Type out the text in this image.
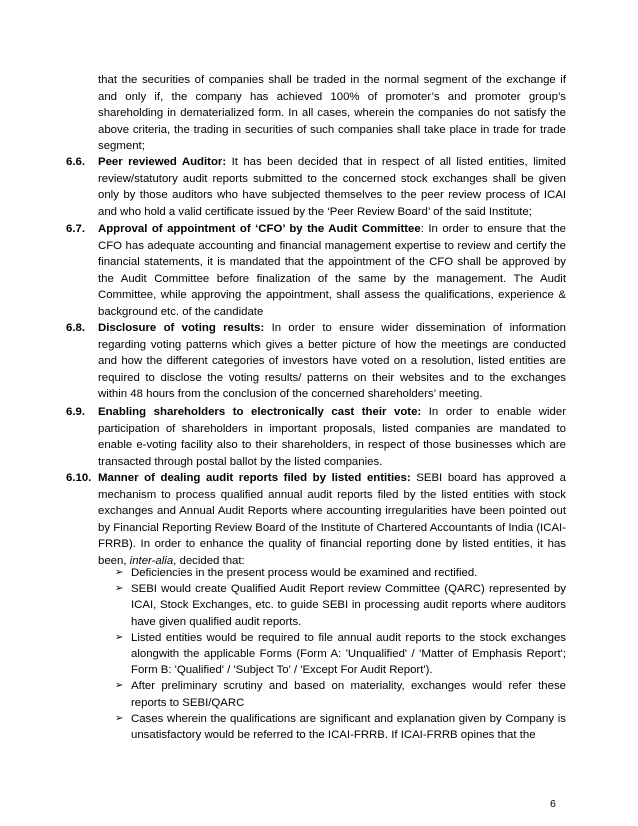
that the securities of companies shall be traded in the normal segment of the exchange if and only if, the company has achieved 100% of promoter’s and promoter group’s shareholding in dematerialized form. In all cases, wherein the companies do not satisfy the above criteria, the trading in securities of such companies shall take place in trade for trade segment;
6.6. Peer reviewed Auditor: It has been decided that in respect of all listed entities, limited review/statutory audit reports submitted to the concerned stock exchanges shall be given only by those auditors who have subjected themselves to the peer review process of ICAI and who hold a valid certificate issued by the ‘Peer Review Board’ of the said Institute;
6.7. Approval of appointment of ‘CFO’ by the Audit Committee: In order to ensure that the CFO has adequate accounting and financial management expertise to review and certify the financial statements, it is mandated that the appointment of the CFO shall be approved by the Audit Committee before finalization of the same by the management. The Audit Committee, while approving the appointment, shall assess the qualifications, experience & background etc. of the candidate
6.8. Disclosure of voting results: In order to ensure wider dissemination of information regarding voting patterns which gives a better picture of how the meetings are conducted and how the different categories of investors have voted on a resolution, listed entities are required to disclose the voting results/ patterns on their websites and to the exchanges within 48 hours from the conclusion of the concerned shareholders’ meeting.
6.9. Enabling shareholders to electronically cast their vote: In order to enable wider participation of shareholders in important proposals, listed companies are mandated to enable e-voting facility also to their shareholders, in respect of those businesses which are transacted through postal ballot by the listed companies.
6.10. Manner of dealing audit reports filed by listed entities: SEBI board has approved a mechanism to process qualified annual audit reports filed by the listed entities with stock exchanges and Annual Audit Reports where accounting irregularities have been pointed out by Financial Reporting Review Board of the Institute of Chartered Accountants of India (ICAI-FRRB). In order to enhance the quality of financial reporting done by listed entities, it has been, inter-alia, decided that:
➢ Deficiencies in the present process would be examined and rectified.
➢ SEBI would create Qualified Audit Report review Committee (QARC) represented by ICAI, Stock Exchanges, etc. to guide SEBI in processing audit reports where auditors have given qualified audit reports.
➢ Listed entities would be required to file annual audit reports to the stock exchanges alongwith the applicable Forms (Form A: 'Unqualified' / 'Matter of Emphasis Report'; Form B: 'Qualified' / 'Subject To' / 'Except For Audit Report').
➢ After preliminary scrutiny and based on materiality, exchanges would refer these reports to SEBI/QARC
➢ Cases wherein the qualifications are significant and explanation given by Company is unsatisfactory would be referred to the ICAI-FRRB. If ICAI-FRRB opines that the
6
